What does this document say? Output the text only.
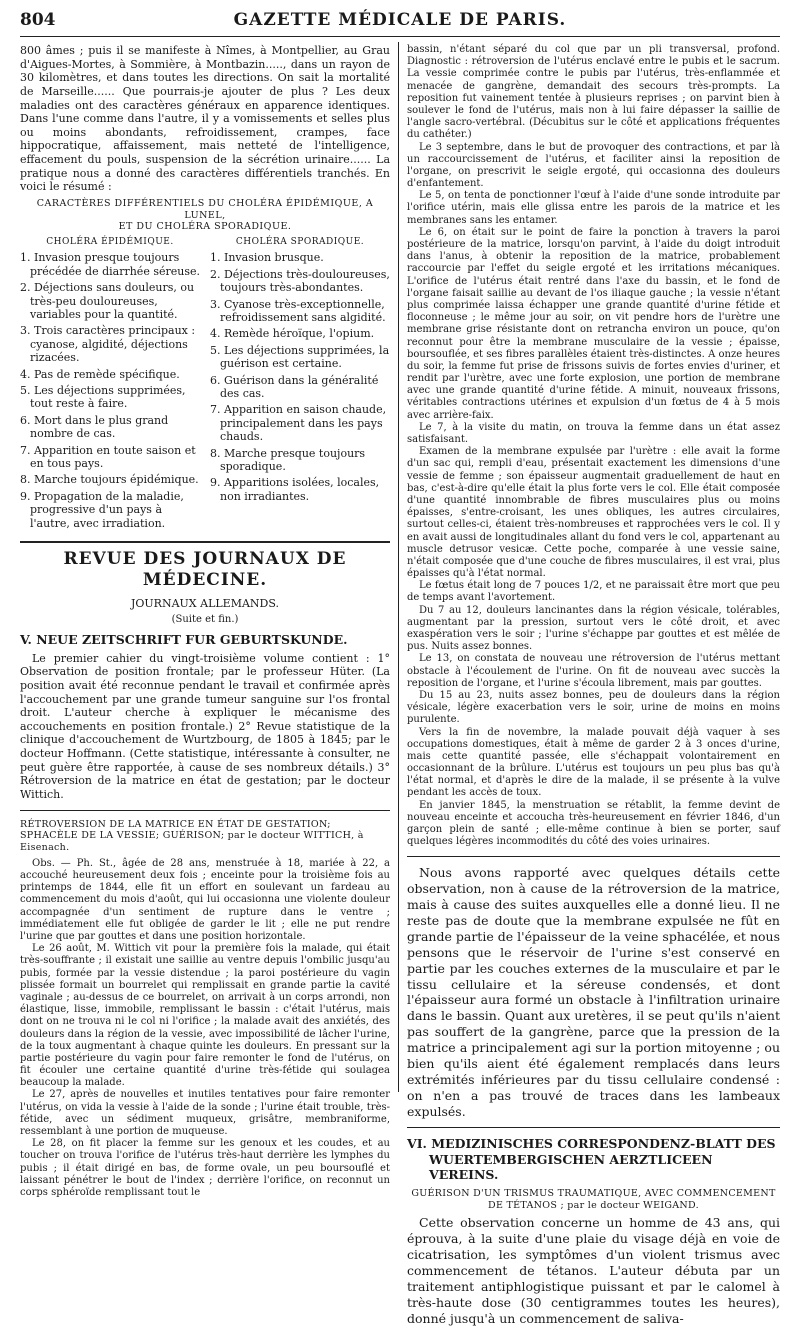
804	GAZETTE MÉDICALE DE PARIS.

800 âmes ; puis il se manifeste à Nîmes, à Montpellier, au Grau d'Aigues-Mortes, à Sommière, à Montbazin....., dans un rayon de 30 kilomètres, et dans toutes les directions. On sait la mortalité de Marseille...... Que pourrais-je ajouter de plus ? Les deux maladies ont des caractères généraux en apparence identiques. Dans l'une comme dans l'autre, il y a vomissements et selles plus ou moins abondants, refroidissement, crampes, face hippocratique, affaissement, mais netteté de l'intelligence, effacement du pouls, suspension de la sécrétion urinaire...... La pratique nous a donné des caractères différentiels tranchés. En voici le résumé :

CARACTÈRES DIFFÉRENTIELS DU CHOLÉRA ÉPIDÉMIQUE, A LUNEL,
ET DU CHOLÉRA SPORADIQUE.
CHOLÉRA ÉPIDÉMIQUE.
1. Invasion presque toujours précédée de diarrhée séreuse.
2. Déjections sans douleurs, ou très-peu douloureuses, variables pour la quantité.
3. Trois caractères principaux : cyanose, algidité, déjections rizacées.
4. Pas de remède spécifique.
5. Les déjections supprimées, tout reste à faire.
6. Mort dans le plus grand nombre de cas.
7. Apparition en toute saison et en tous pays.
8. Marche toujours épidémique.
9. Propagation de la maladie, progressive d'un pays à l'autre, avec irradiation.
CHOLÉRA SPORADIQUE.
1. Invasion brusque.
2. Déjections très-douloureuses, toujours très-abondantes.
3. Cyanose très-exceptionnelle, refroidissement sans algidité.
4. Remède héroïque, l'opium.
5. Les déjections supprimées, la guérison est certaine.
6. Guérison dans la généralité des cas.
7. Apparition en saison chaude, principalement dans les pays chauds.
8. Marche presque toujours sporadique.
9. Apparitions isolées, locales, non irradiantes.
REVUE DES JOURNAUX DE MÉDECINE.
JOURNAUX ALLEMANDS.
(Suite et fin.)
V. NEUE ZEITSCHRIFT FUR GEBURTSKUNDE.

Le premier cahier du vingt-troisième volume contient : 1° Observation de position frontale; par le professeur Hüter. (La position avait été reconnue pendant le travail et confirmée après l'accouchement par une grande tumeur sanguine sur l'os frontal droit. L'auteur cherche à expliquer le mécanisme des accouchements en position frontale.) 2° Revue statistique de la clinique d'accouchement de Wurtzbourg, de 1805 à 1845; par le docteur Hoffmann. (Cette statistique, intéressante à consulter, ne peut guère être rapportée, à cause de ses nombreux détails.) 3° Rétroversion de la matrice en état de gestation; par le docteur Wittich.

RÉTROVERSION DE LA MATRICE EN ÉTAT DE GESTATION; SPHACÈLE DE LA VESSIE; GUÉRISON; par le docteur WITTICH, à Eisenach.

Obs. — Ph. St., âgée de 28 ans, menstruée à 18, mariée à 22, a accouché heureusement deux fois ; enceinte pour la troisième fois au printemps de 1844, elle fit un effort en soulevant un fardeau au commencement du mois d'août, qui lui occasionna une violente douleur accompagnée d'un sentiment de rupture dans le ventre ; immédiatement elle fut obligée de garder le lit ; elle ne put rendre l'urine que par gouttes et dans une position horizontale.

Le 26 août, M. Wittich vit pour la première fois la malade, qui était très-souffrante ; il existait une saillie au ventre depuis l'ombilic jusqu'au pubis, formée par la vessie distendue ; la paroi postérieure du vagin plissée formait un bourrelet qui remplissait en grande partie la cavité vaginale ; au-dessus de ce bourrelet, on arrivait à un corps arrondi, non élastique, lisse, immobile, remplissant le bassin : c'était l'utérus, mais dont on ne trouva ni le col ni l'orifice ; la malade avait des anxiétés, des douleurs dans la région de la vessie, avec impossibilité de lâcher l'urine, de la toux augmentant à chaque quinte les douleurs. En pressant sur la partie postérieure du vagin pour faire remonter le fond de l'utérus, on fit écouler une certaine quantité d'urine très-fétide qui soulagea beaucoup la malade.

Le 27, après de nouvelles et inutiles tentatives pour faire remonter l'utérus, on vida la vessie à l'aide de la sonde ; l'urine était trouble, très-fétide, avec un sédiment muqueux, grisâtre, membraniforme, ressemblant à une portion de muqueuse.

Le 28, on fit placer la femme sur les genoux et les coudes, et au toucher on trouva l'orifice de l'utérus très-haut derrière les lymphes du pubis ; il était dirigé en bas, de forme ovale, un peu boursouflé et laissant pénétrer le bout de l'index ; derrière l'orifice, on reconnut un corps sphéroïde remplissant tout le

bassin, n'étant séparé du col que par un pli transversal, profond. Diagnostic : rétroversion de l'utérus enclavé entre le pubis et le sacrum. La vessie comprimée contre le pubis par l'utérus, très-enflammée et menacée de gangrène, demandait des secours très-prompts. La reposition fut vainement tentée à plusieurs reprises ; on parvint bien à soulever le fond de l'utérus, mais non à lui faire dépasser la saillie de l'angle sacro-vertébral. (Décubitus sur le côté et applications fréquentes du cathéter.)

Le 3 septembre, dans le but de provoquer des contractions, et par là un raccourcissement de l'utérus, et faciliter ainsi la reposition de l'organe, on prescrivit le seigle ergoté, qui occasionna des douleurs d'enfantement.

Le 5, on tenta de ponctionner l'œuf à l'aide d'une sonde introduite par l'orifice utérin, mais elle glissa entre les parois de la matrice et les membranes sans les entamer.

Le 6, on était sur le point de faire la ponction à travers la paroi postérieure de la matrice, lorsqu'on parvint, à l'aide du doigt introduit dans l'anus, à obtenir la reposition de la matrice, probablement raccourcie par l'effet du seigle ergoté et les irritations mécaniques. L'orifice de l'utérus était rentré dans l'axe du bassin, et le fond de l'organe faisait saillie au devant de l'os iliaque gauche ; la vessie n'étant plus comprimée laissa échapper une grande quantité d'urine fétide et floconneuse ; le même jour au soir, on vit pendre hors de l'urètre une membrane grise résistante dont on retrancha environ un pouce, qu'on reconnut pour être la membrane musculaire de la vessie ; épaisse, boursouflée, et ses fibres parallèles étaient très-distinctes. A onze heures du soir, la femme fut prise de frissons suivis de fortes envies d'uriner, et rendit par l'urètre, avec une forte explosion, une portion de membrane avec une grande quantité d'urine fétide. A minuit, nouveaux frissons, véritables contractions utérines et expulsion d'un fœtus de 4 à 5 mois avec arrière-faix.

Le 7, à la visite du matin, on trouva la femme dans un état assez satisfaisant.

Examen de la membrane expulsée par l'urètre : elle avait la forme d'un sac qui, rempli d'eau, présentait exactement les dimensions d'une vessie de femme ; son épaisseur augmentait graduellement de haut en bas, c'est-à-dire qu'elle était la plus forte vers le col. Elle était composée d'une quantité innombrable de fibres musculaires plus ou moins épaisses, s'entre-croisant, les unes obliques, les autres circulaires, surtout celles-ci, étaient très-nombreuses et rapprochées vers le col. Il y en avait aussi de longitudinales allant du fond vers le col, appartenant au muscle detrusor vesicæ. Cette poche, comparée à une vessie saine, n'était composée que d'une couche de fibres musculaires, il est vrai, plus épaisses qu'à l'état normal.

Le fœtus était long de 7 pouces 1/2, et ne paraissait être mort que peu de temps avant l'avortement.

Du 7 au 12, douleurs lancinantes dans la région vésicale, tolérables, augmentant par la pression, surtout vers le côté droit, et avec exaspération vers le soir ; l'urine s'échappe par gouttes et est mêlée de pus. Nuits assez bonnes.

Le 13, on constata de nouveau une rétroversion de l'utérus mettant obstacle à l'écoulement de l'urine. On fit de nouveau avec succès la reposition de l'organe, et l'urine s'écoula librement, mais par gouttes.

Du 15 au 23, nuits assez bonnes, peu de douleurs dans la région vésicale, légère exacerbation vers le soir, urine de moins en moins purulente.

Vers la fin de novembre, la malade pouvait déjà vaquer à ses occupations domestiques, était à même de garder 2 à 3 onces d'urine, mais cette quantité passée, elle s'échappait volontairement en occasionnant de la brûlure. L'utérus est toujours un peu plus bas qu'à l'état normal, et d'après le dire de la malade, il se présente à la vulve pendant les accès de toux.

En janvier 1845, la menstruation se rétablit, la femme devint de nouveau enceinte et accoucha très-heureusement en février 1846, d'un garçon plein de santé ; elle-même continue à bien se porter, sauf quelques légères incommodités du côté des voies urinaires.

Nous avons rapporté avec quelques détails cette observation, non à cause de la rétroversion de la matrice, mais à cause des suites auxquelles elle a donné lieu. Il ne reste pas de doute que la membrane expulsée ne fût en grande partie de l'épaisseur de la veine sphacélée, et nous pensons que le réservoir de l'urine s'est conservé en partie par les couches externes de la musculaire et par le tissu cellulaire et la séreuse condensés, et dont l'épaisseur aura formé un obstacle à l'infiltration urinaire dans le bassin. Quant aux uretères, il se peut qu'ils n'aient pas souffert de la gangrène, parce que la pression de la matrice a principalement agi sur la portion mitoyenne ; ou bien qu'ils aient été également remplacés dans leurs extrémités inférieures par du tissu cellulaire condensé : on n'en a pas trouvé de traces dans les lambeaux expulsés.

VI. MEDIZINISCHES CORRESPONDENZ-BLATT DES WUERTEMBERGISCHEN AERZTLICEEN VEREINS.
GUÉRISON D'UN TRISMUS TRAUMATIQUE, AVEC COMMENCEMENT DE TÉTANOS ; par le docteur WEIGAND.

Cette observation concerne un homme de 43 ans, qui éprouva, à la suite d'une plaie du visage déjà en voie de cicatrisation, les symptômes d'un violent trismus avec commencement de tétanos. L'auteur débuta par un traitement antiphlogistique puissant et par le calomel à très-haute dose (30 centigrammes toutes les heures), donné jusqu'à un commencement de saliva-
